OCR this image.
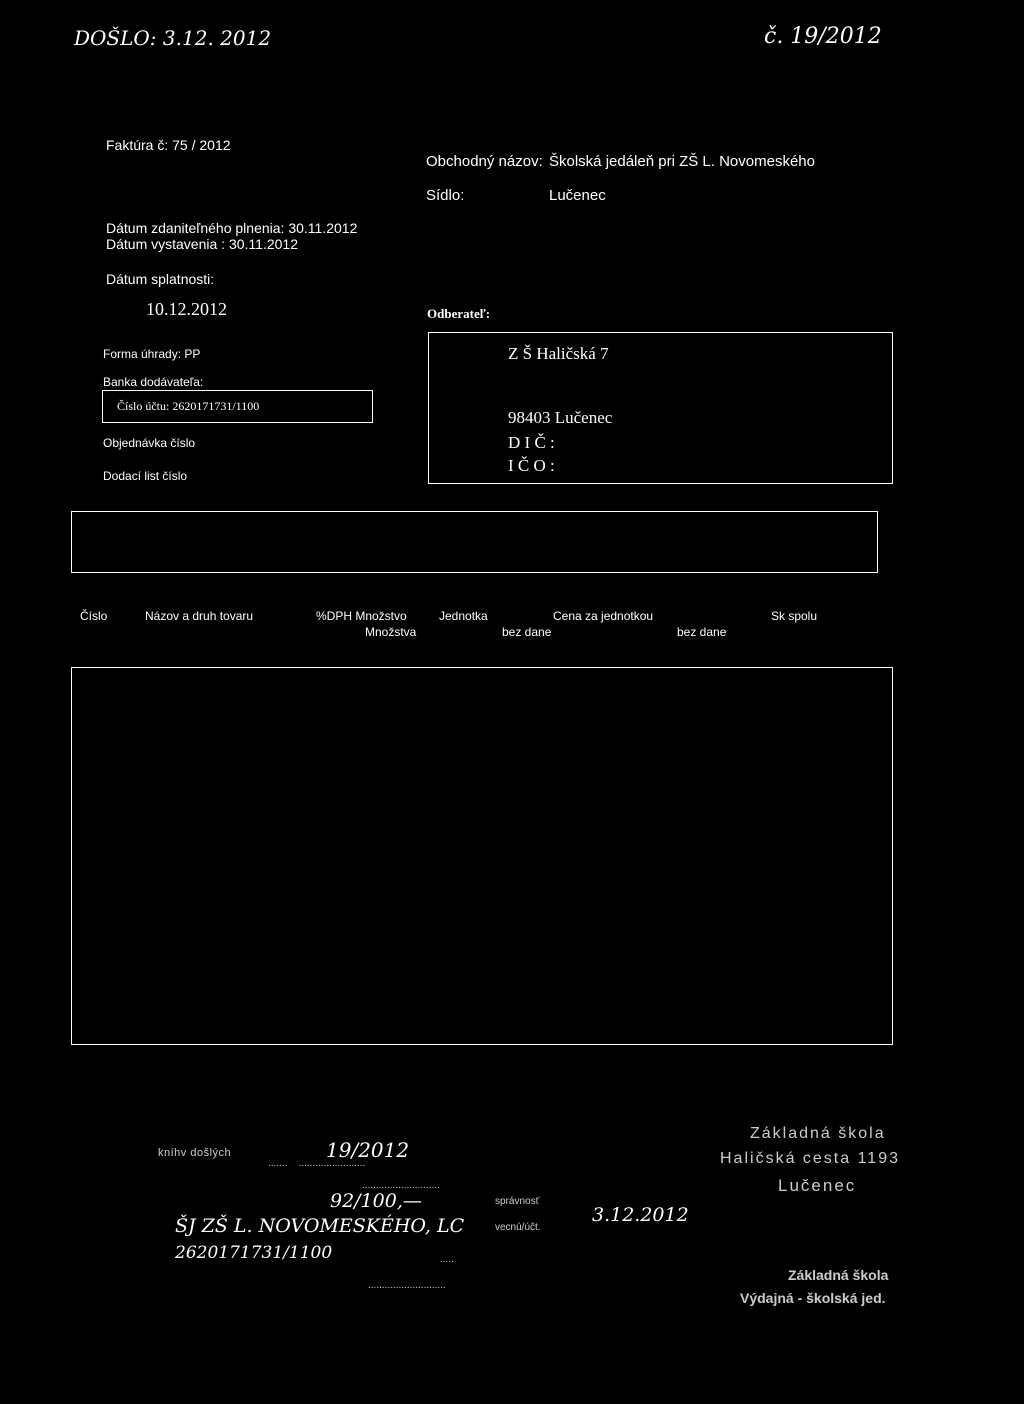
DOŠLO: 3.12. 2012	č. 19/2012
Faktúra č: 75 / 2012
Obchodný názov: Školská jedáleň pri ZŠ L. Novomeského
Sídlo:	Lučenec
Dátum zdaniteľného plnenia: 30.11.2012
Dátum vystavenia : 30.11.2012
Dátum splatnosti:
10.12.2012	Odberateľ:
Forma úhrady: PP
Banka dodávateľa:
Číslo účtu: 2620171731/1100
Objednávka číslo
Dodací list číslo
Z Š Haličská 7
98403 Lučenec
D I Č :
I Č O :
Číslo	Názov a druh tovaru	%DPH Množstvo	Jednotka	Cena za jednotkou	Sk spolu
Množstva	bez dane	bez dane
kníhv došlých	19/2012
.......    ........................
............................
92/100,—
ŠJ ZŠ L. NOVOMESKÉHO, LC
2620171731/1100	.....
............................
správnosť
vecnú/účt.
3.12.2012
Základná škola
Haličská cesta 1193
Lučenec
Základná škola
Výdajná - školská jed.
